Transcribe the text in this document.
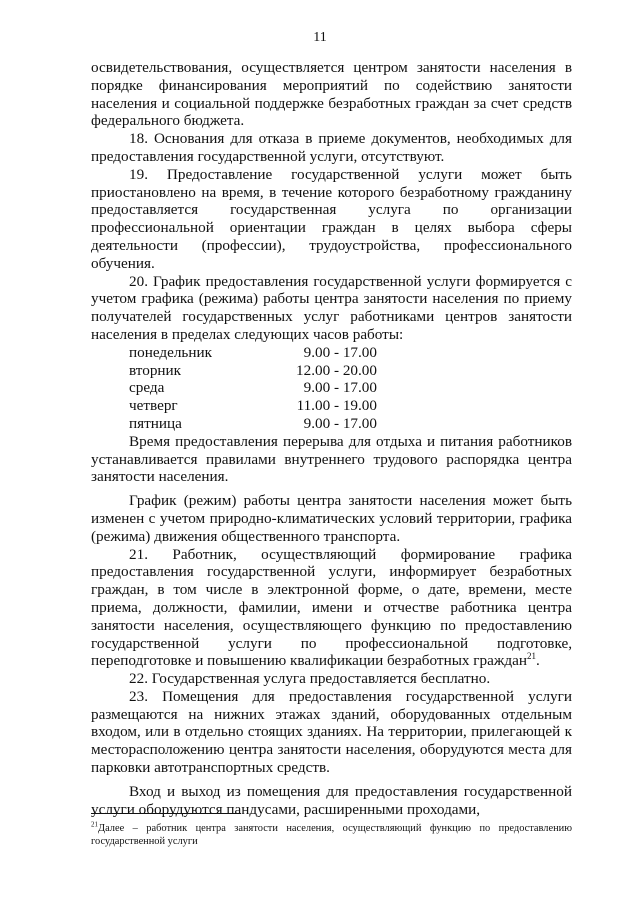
11

освидетельствования, осуществляется центром занятости населения в порядке финансирования мероприятий по содействию занятости населения и социальной поддержке безработных граждан за счет средств федерального бюджета.

18. Основания для отказа в приеме документов, необходимых для предоставления государственной услуги, отсутствуют.

19. Предоставление государственной услуги может быть приостановлено на время, в течение которого безработному гражданину предоставляется государственная услуга по организации профессиональной ориентации граждан в целях выбора сферы деятельности (профессии), трудоустройства, профессионального обучения.

20. График предоставления государственной услуги формируется с учетом графика (режима) работы центра занятости населения по приему получателей государственных услуг работниками центров занятости населения в пределах следующих часов работы:

понедельник	9.00 - 17.00
вторник	12.00 - 20.00
среда	9.00 - 17.00
четверг	11.00 - 19.00
пятница	9.00 - 17.00

Время предоставления перерыва для отдыха и питания работников устанавливается правилами внутреннего трудового распорядка центра занятости населения.

График (режим) работы центра занятости населения может быть изменен с учетом природно-климатических условий территории, графика (режима) движения общественного транспорта.

21. Работник, осуществляющий формирование графика предоставления государственной услуги, информирует безработных граждан, в том числе в электронной форме, о дате, времени, месте приема, должности, фамилии, имени и отчестве работника центра занятости населения, осуществляющего функцию по предоставлению государственной услуги по профессиональной подготовке, переподготовке и повышению квалификации безработных граждан$^{21}$.

22. Государственная услуга предоставляется бесплатно.

23. Помещения для предоставления государственной услуги размещаются на нижних этажах зданий, оборудованных отдельным входом, или в отдельно стоящих зданиях. На территории, прилегающей к месторасположению центра занятости населения, оборудуются места для парковки автотранспортных средств.

Вход и выход из помещения для предоставления государственной услуги оборудуются пандусами, расширенными проходами,

$^{21}$Далее – работник центра занятости населения, осуществляющий функцию по предоставлению государственной услуги
